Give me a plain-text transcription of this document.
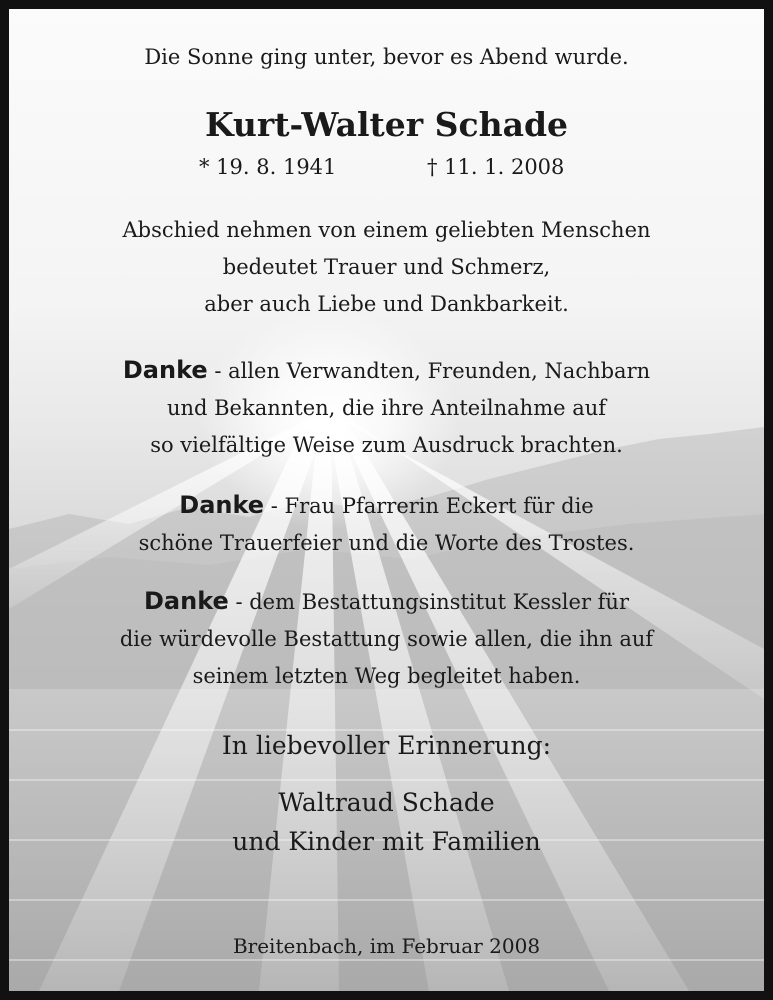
Die Sonne ging unter, bevor es Abend wurde.
Kurt-Walter Schade
* 19. 8. 1941	† 11. 1. 2008
Abschied nehmen von einem geliebten Menschen
bedeutet Trauer und Schmerz,
aber auch Liebe und Dankbarkeit.
Danke - allen Verwandten, Freunden, Nachbarn
und Bekannten, die ihre Anteilnahme auf
so vielfältige Weise zum Ausdruck brachten.
Danke - Frau Pfarrerin Eckert für die
schöne Trauerfeier und die Worte des Trostes.
Danke - dem Bestattungsinstitut Kessler für
die würdevolle Bestattung sowie allen, die ihn auf
seinem letzten Weg begleitet haben.
In liebevoller Erinnerung:
Waltraud Schade
und Kinder mit Familien
Breitenbach, im Februar 2008
